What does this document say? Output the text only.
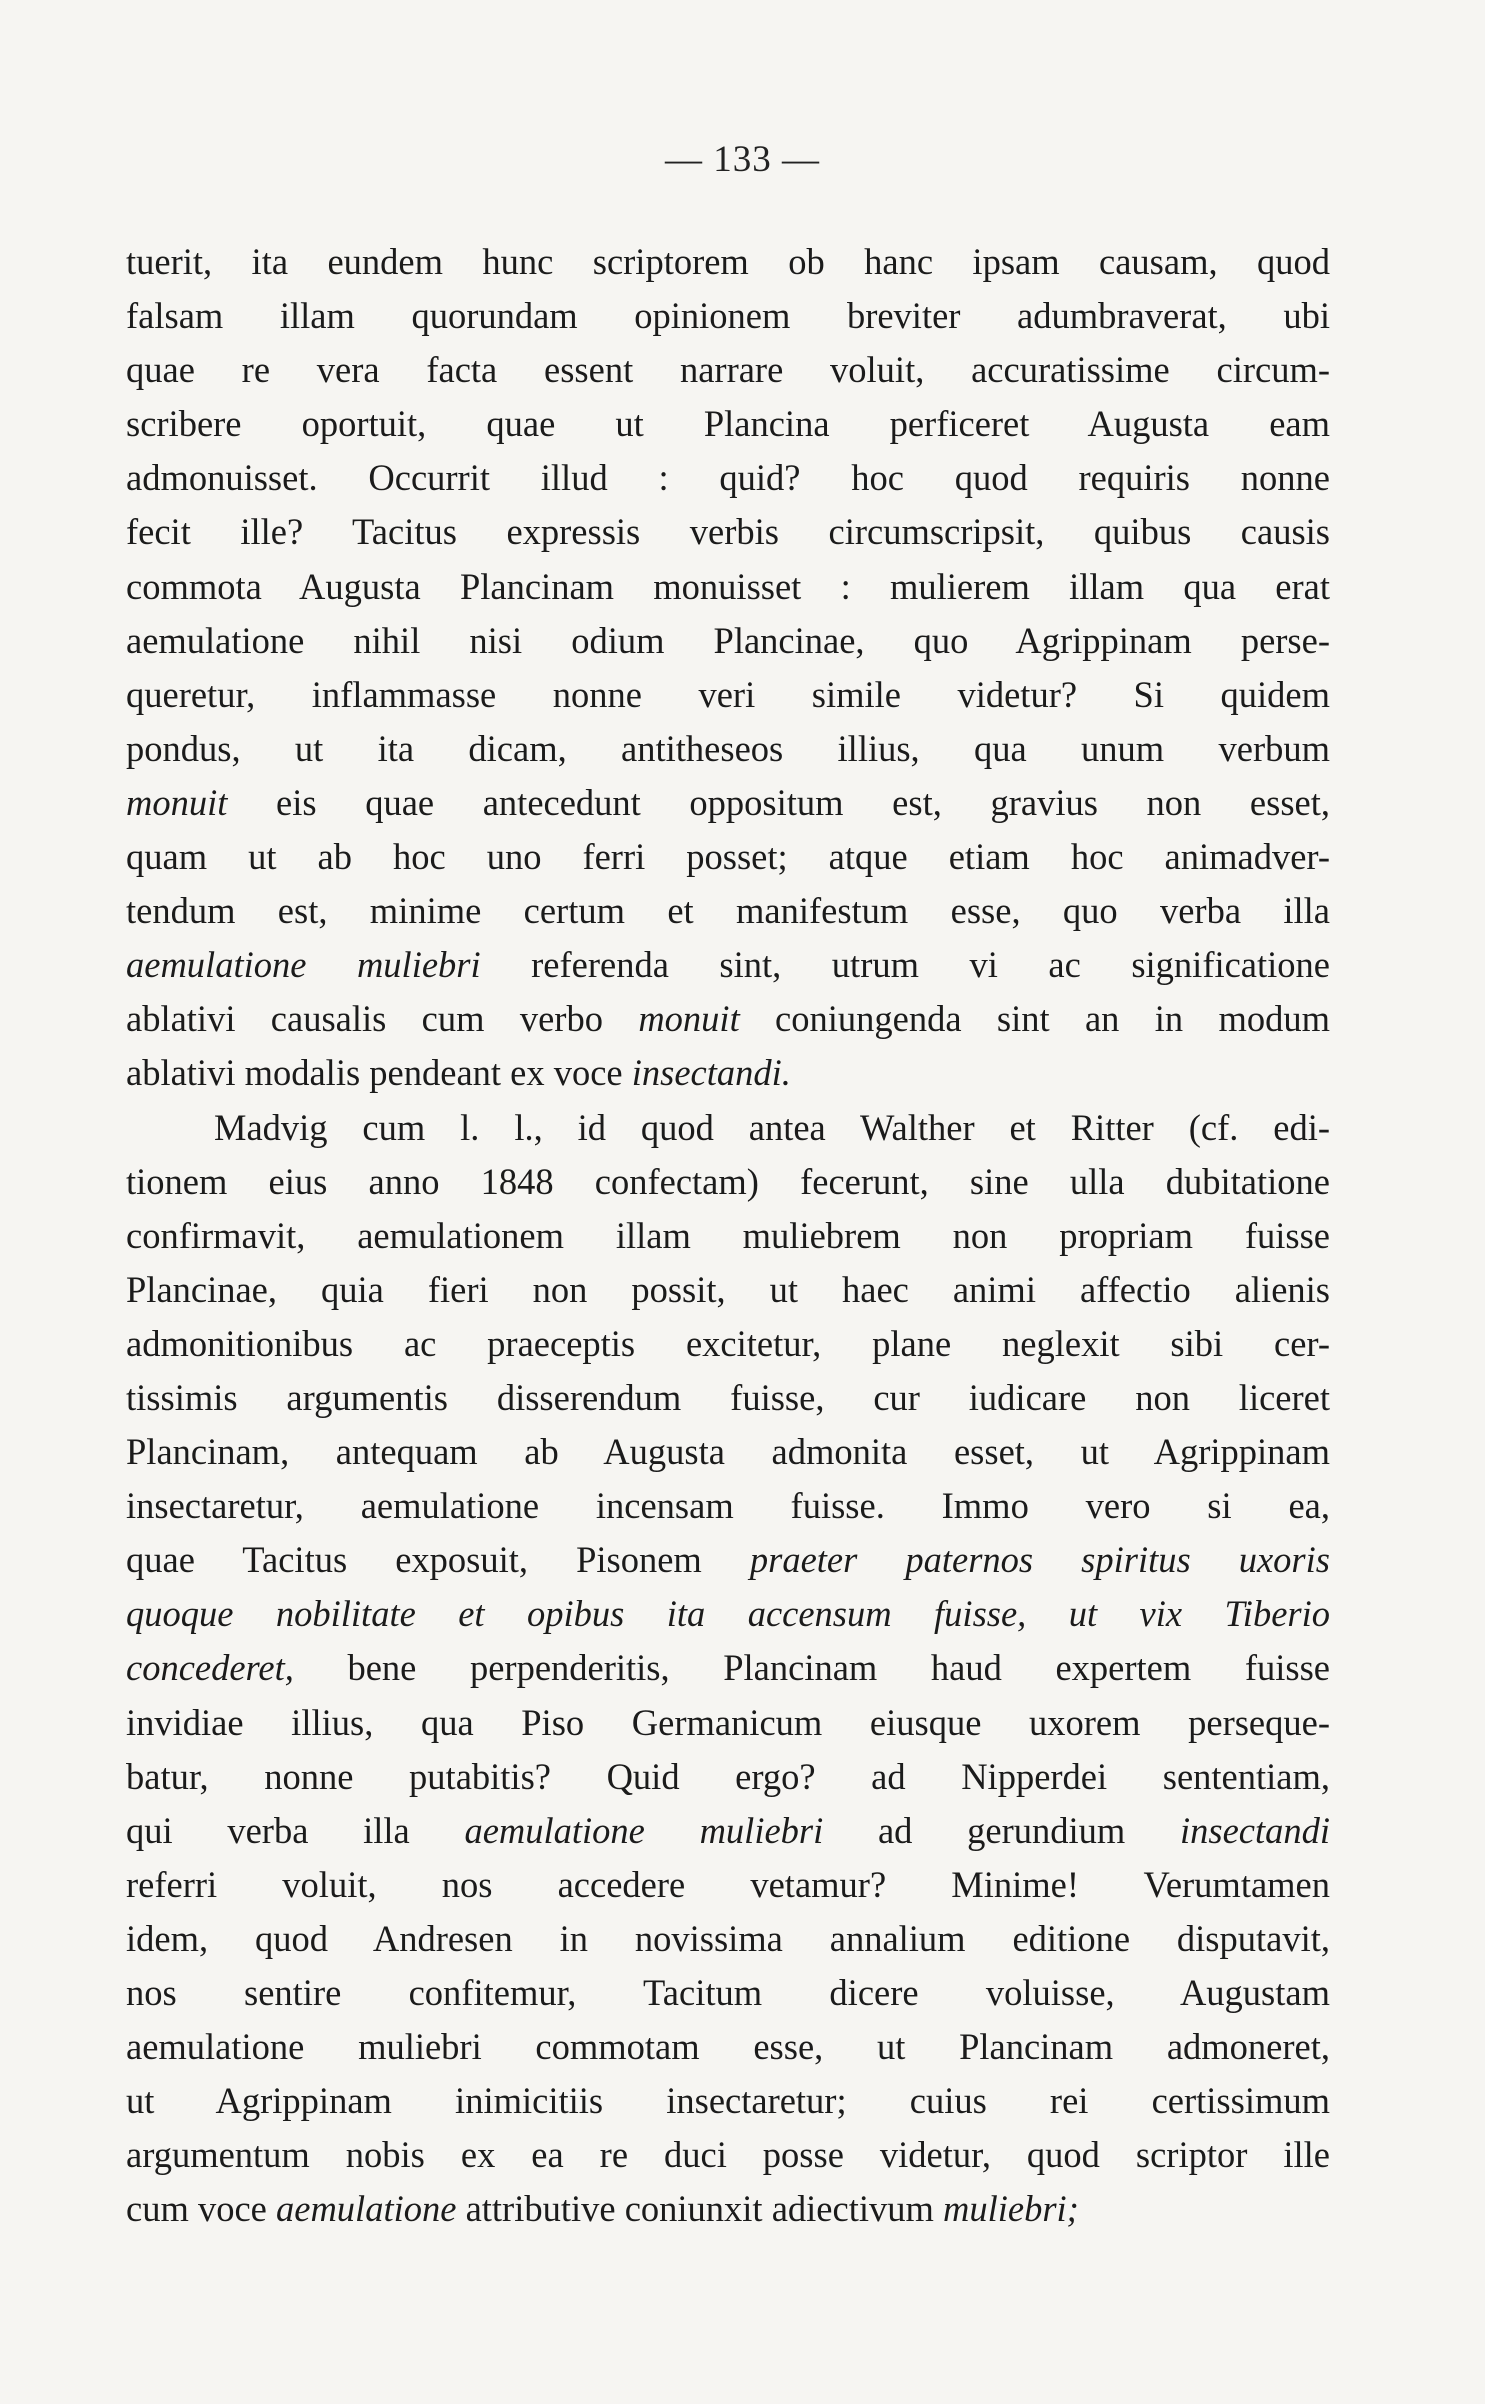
— 133 —
tuerit, ita eundem hunc scriptorem ob hanc ipsam causam, quod
falsam illam quorundam opinionem breviter adumbraverat, ubi
quae re vera facta essent narrare voluit, accuratissime circum-
scribere oportuit, quae ut Plancina perficeret Augusta eam
admonuisset. Occurrit illud : quid? hoc quod requiris nonne
fecit ille? Tacitus expressis verbis circumscripsit, quibus causis
commota Augusta Plancinam monuisset : mulierem illam qua erat
aemulatione nihil nisi odium Plancinae, quo Agrippinam perse-
queretur, inflammasse nonne veri simile videtur? Si quidem
pondus, ut ita dicam, antitheseos illius, qua unum verbum
monuit eis quae antecedunt oppositum est, gravius non esset,
quam ut ab hoc uno ferri posset; atque etiam hoc animadver-
tendum est, minime certum et manifestum esse, quo verba illa
aemulatione muliebri referenda sint, utrum vi ac significatione
ablativi causalis cum verbo monuit coniungenda sint an in modum
ablativi modalis pendeant ex voce insectandi.
Madvig cum l. l., id quod antea Walther et Ritter (cf. edi-
tionem eius anno 1848 confectam) fecerunt, sine ulla dubitatione
confirmavit, aemulationem illam muliebrem non propriam fuisse
Plancinae, quia fieri non possit, ut haec animi affectio alienis
admonitionibus ac praeceptis excitetur, plane neglexit sibi cer-
tissimis argumentis disserendum fuisse, cur iudicare non liceret
Plancinam, antequam ab Augusta admonita esset, ut Agrippinam
insectaretur, aemulatione incensam fuisse. Immo vero si ea,
quae Tacitus exposuit, Pisonem praeter paternos spiritus uxoris
quoque nobilitate et opibus ita accensum fuisse, ut vix Tiberio
concederet, bene perpenderitis, Plancinam haud expertem fuisse
invidiae illius, qua Piso Germanicum eiusque uxorem perseque-
batur, nonne putabitis? Quid ergo? ad Nipperdei sententiam,
qui verba illa aemulatione muliebri ad gerundium insectandi
referri voluit, nos accedere vetamur? Minime! Verumtamen
idem, quod Andresen in novissima annalium editione disputavit,
nos sentire confitemur, Tacitum dicere voluisse, Augustam
aemulatione muliebri commotam esse, ut Plancinam admoneret,
ut Agrippinam inimicitiis insectaretur; cuius rei certissimum
argumentum nobis ex ea re duci posse videtur, quod scriptor ille
cum voce aemulatione attributive coniunxit adiectivum muliebri;
